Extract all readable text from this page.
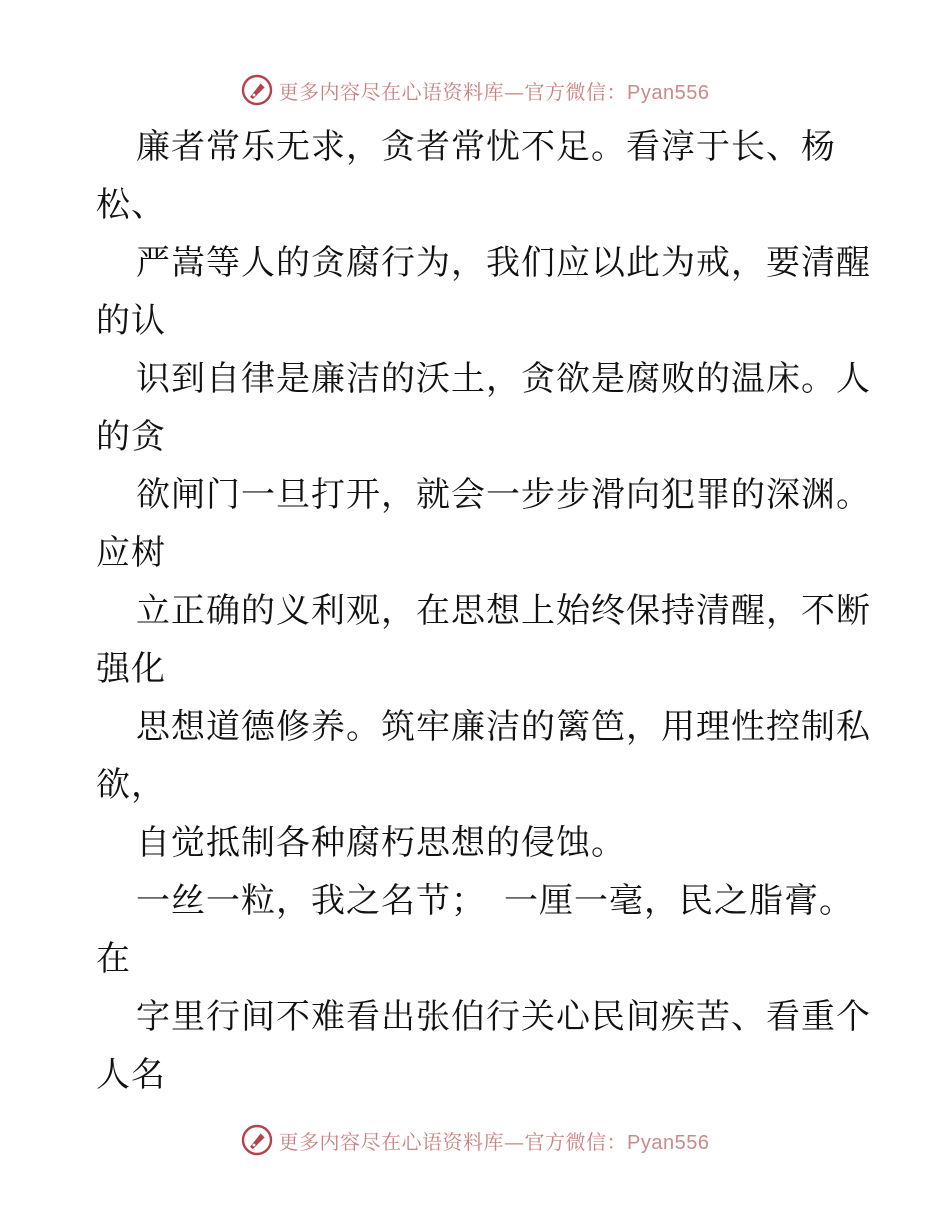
更多内容尽在心语资料库—官方微信：Pyan556
廉者常乐无求，贪者常忧不足。看淳于长、杨
松、
严嵩等人的贪腐行为，我们应以此为戒，要清醒
的认
识到自律是廉洁的沃土，贪欲是腐败的温床。人
的贪
欲闸门一旦打开，就会一步步滑向犯罪的深渊。
应树
立正确的义利观，在思想上始终保持清醒，不断
强化
思想道德修养。筑牢廉洁的篱笆，用理性控制私
欲，
自觉抵制各种腐朽思想的侵蚀。
一丝一粒，我之名节；　一厘一毫，民之脂膏。
在
字里行间不难看出张伯行关心民间疾苦、看重个
人名
更多内容尽在心语资料库—官方微信：Pyan556
